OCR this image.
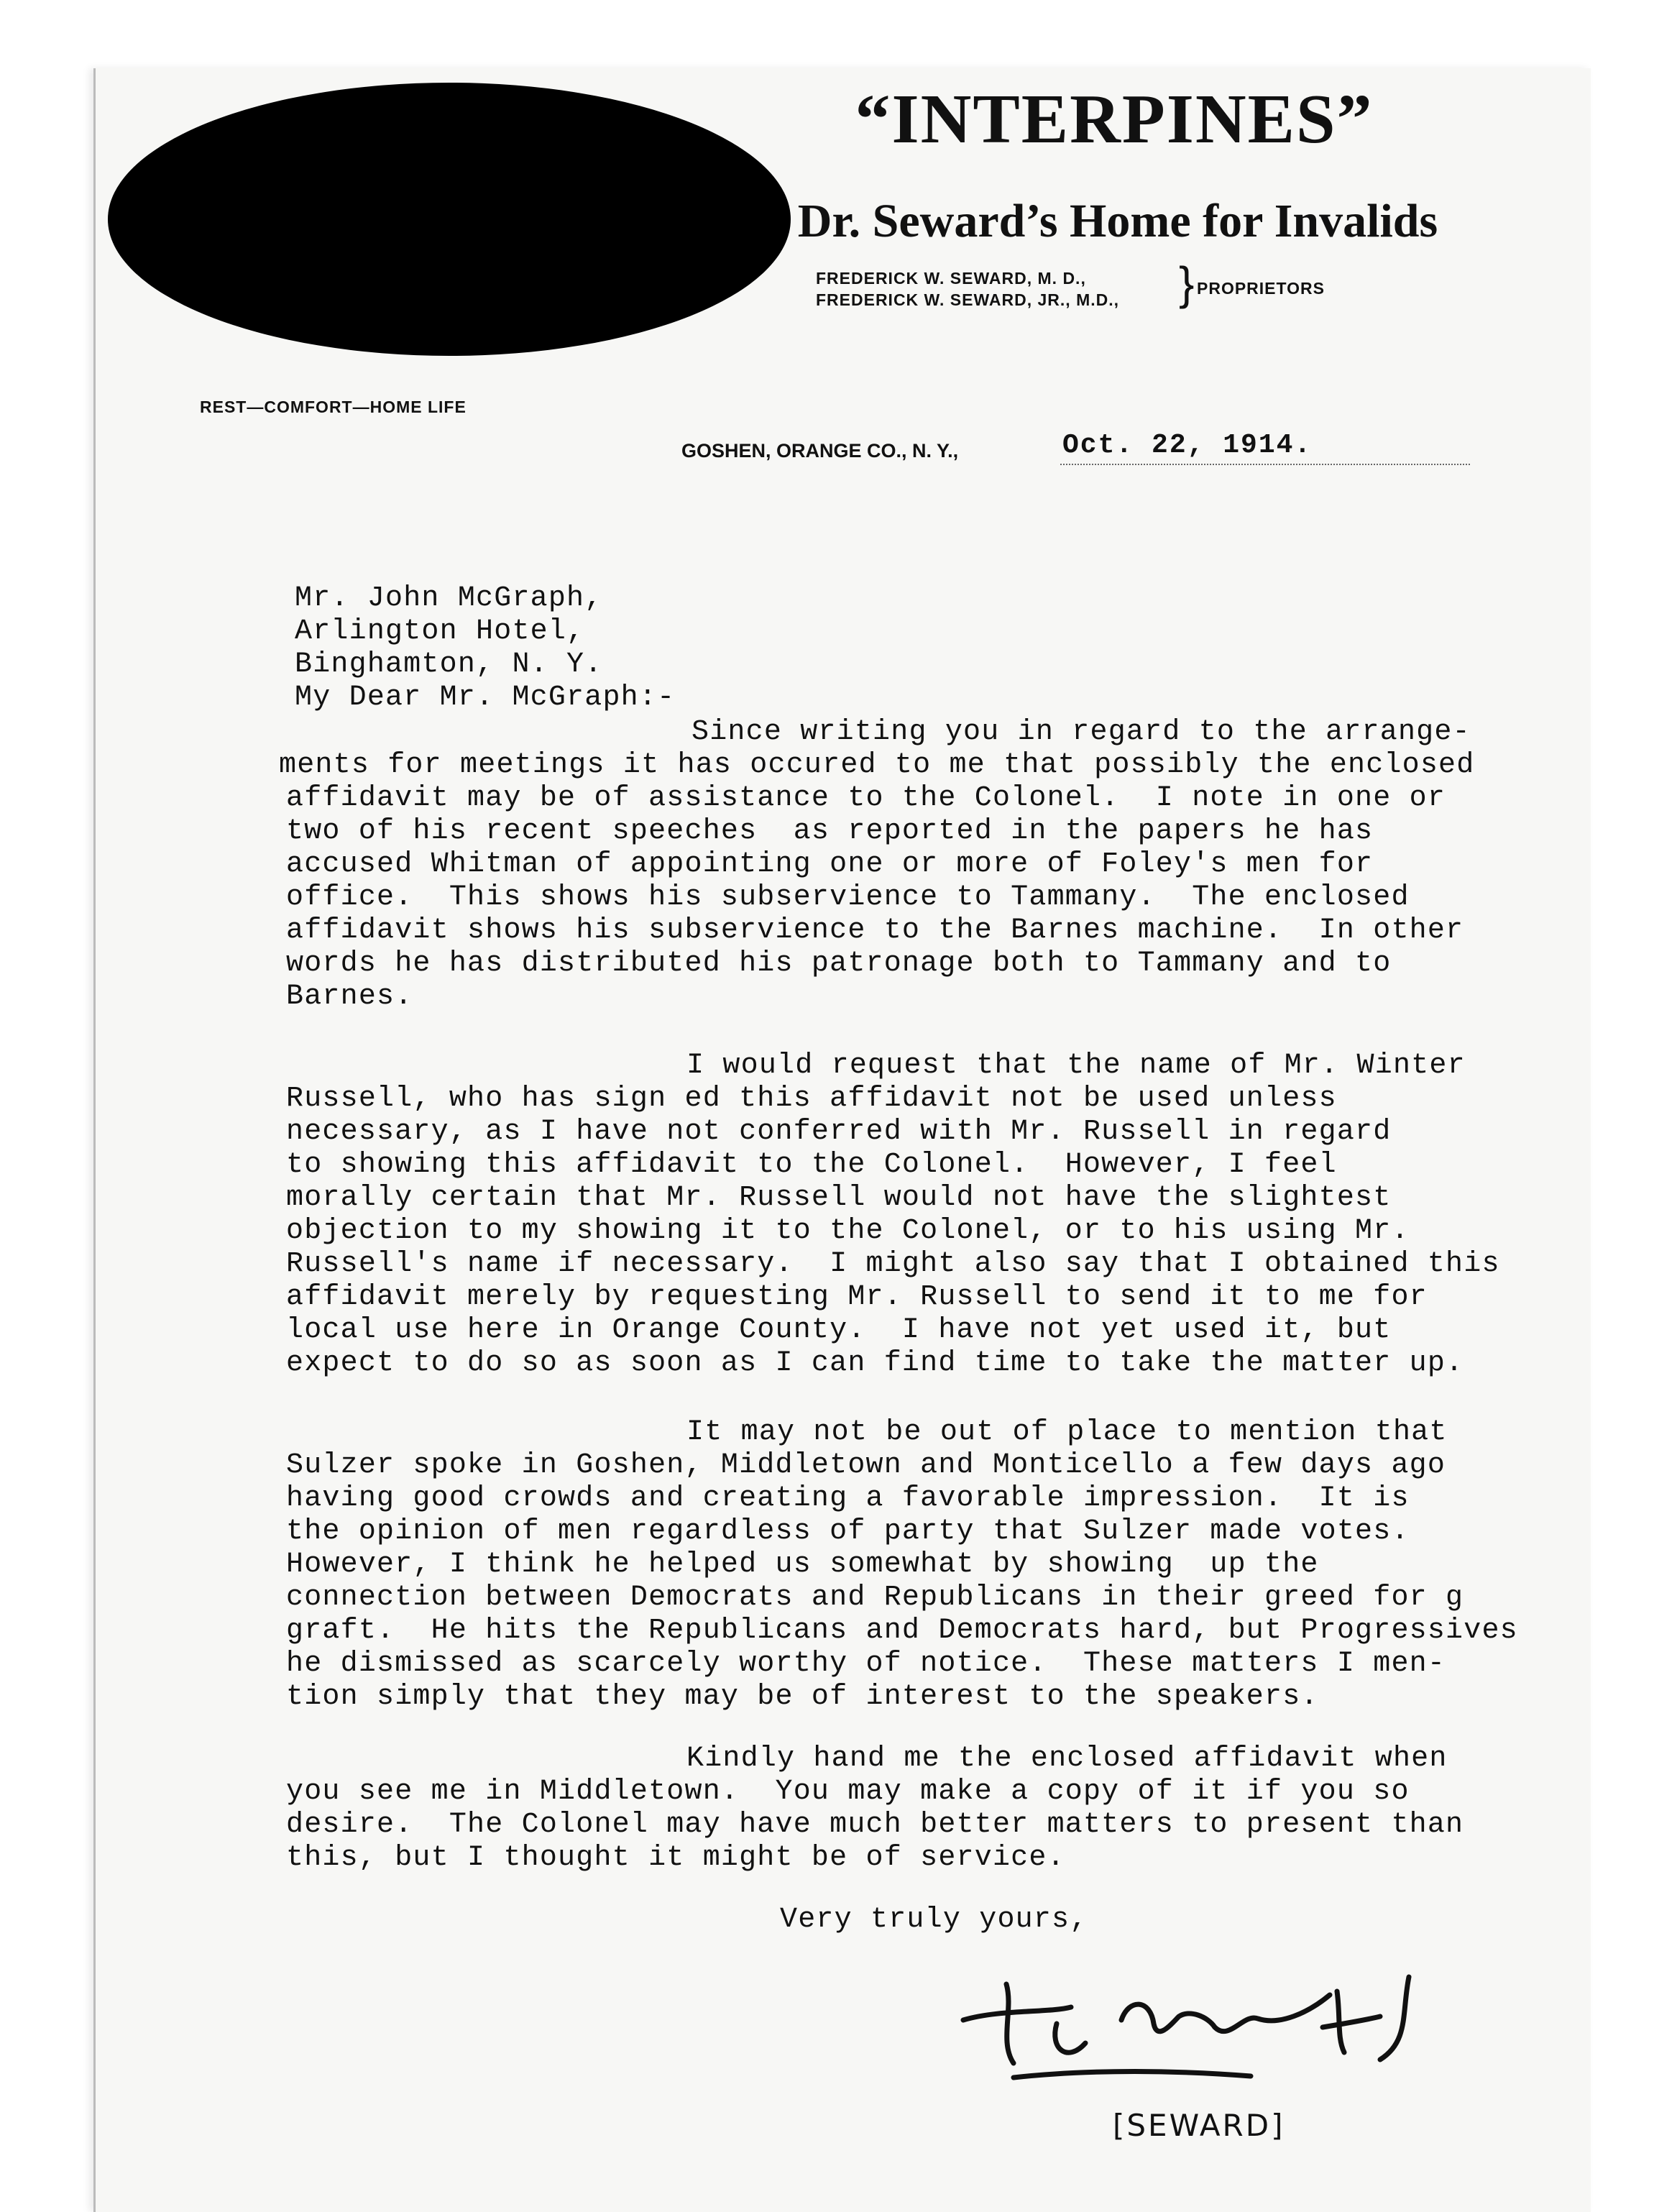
“INTERPINES”
Dr. Seward’s Home for Invalids
FREDERICK W. SEWARD, M. D.,
FREDERICK W. SEWARD, JR., M.D., } PROPRIETORS
REST—COMFORT—HOME LIFE
GOSHEN, ORANGE CO., N. Y.,	Oct. 22, 1914.
Mr. John McGraph,
Arlington Hotel,
Binghamton, N. Y.
My Dear Mr. McGraph:-
Since writing you in regard to the arrange-
ments for meetings it has occured to me that possibly the enclosed
affidavit may be of assistance to the Colonel.  I note in one or
two of his recent speeches  as reported in the papers he has
accused Whitman of appointing one or more of Foley's men for
office.  This shows his subservience to Tammany.  The enclosed
affidavit shows his subservience to the Barnes machine.  In other
words he has distributed his patronage both to Tammany and to
Barnes.
I would request that the name of Mr. Winter
Russell, who has sign ed this affidavit not be used unless
necessary, as I have not conferred with Mr. Russell in regard
to showing this affidavit to the Colonel.  However, I feel
morally certain that Mr. Russell would not have the slightest
objection to my showing it to the Colonel, or to his using Mr.
Russell's name if necessary.  I might also say that I obtained this
affidavit merely by requesting Mr. Russell to send it to me for
local use here in Orange County.  I have not yet used it, but
expect to do so as soon as I can find time to take the matter up.
It may not be out of place to mention that
Sulzer spoke in Goshen, Middletown and Monticello a few days ago
having good crowds and creating a favorable impression.  It is
the opinion of men regardless of party that Sulzer made votes.
However, I think he helped us somewhat by showing  up the
connection between Democrats and Republicans in their greed for g
graft.  He hits the Republicans and Democrats hard, but Progressives
he dismissed as scarcely worthy of notice.  These matters I men-
tion simply that they may be of interest to the speakers.
Kindly hand me the enclosed affidavit when
you see me in Middletown.  You may make a copy of it if you so
desire.  The Colonel may have much better matters to present than
this, but I thought it might be of service.
Very truly yours,
[SEWARD]
